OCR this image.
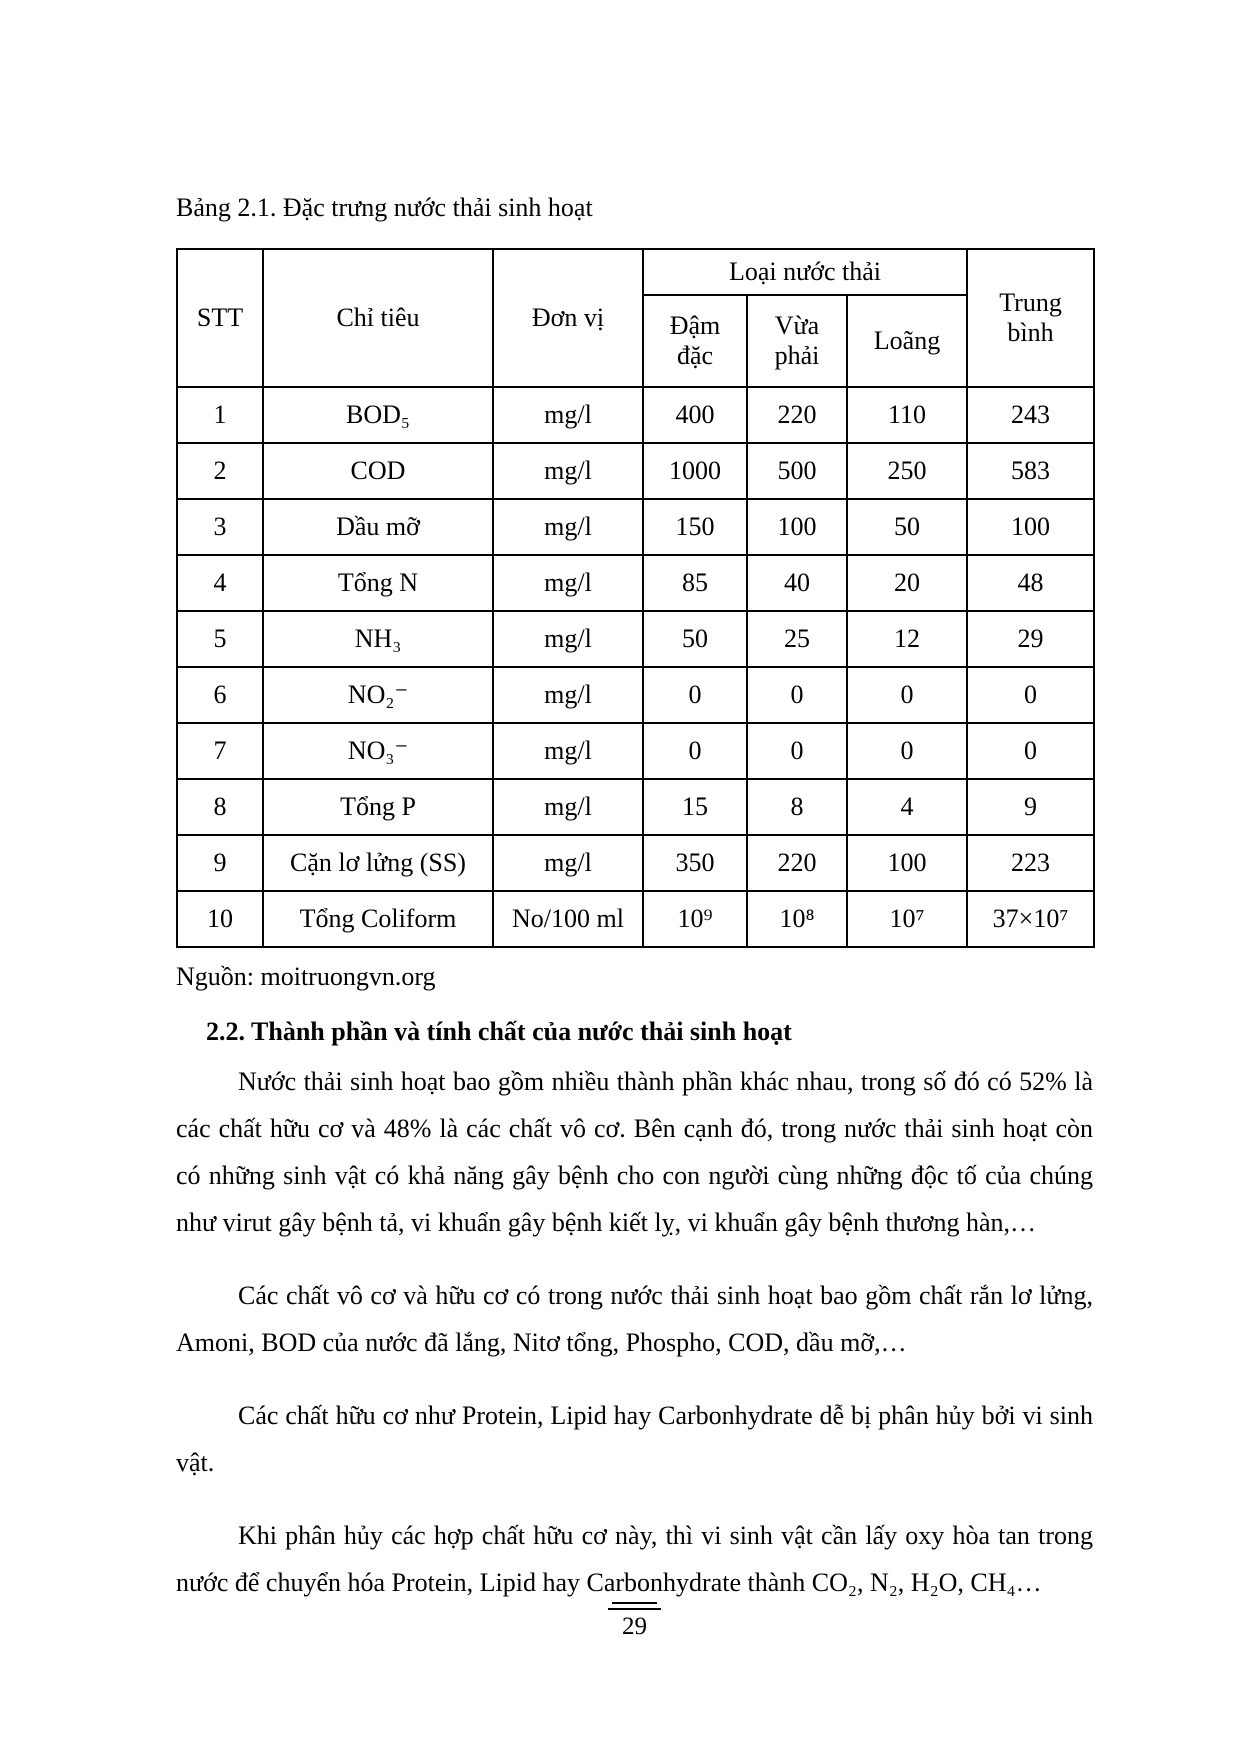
Bảng 2.1. Đặc trưng nước thải sinh hoạt
STT	Chỉ tiêu	Đơn vị	Loại nước thải			Trung bình
			Đậm đặc	Vừa phải	Loãng	
1	BOD₅	mg/l	400	220	110	243
2	COD	mg/l	1000	500	250	583
3	Dầu mỡ	mg/l	150	100	50	100
4	Tổng N	mg/l	85	40	20	48
5	NH₃	mg/l	50	25	12	29
6	NO₂⁻	mg/l	0	0	0	0
7	NO₃⁻	mg/l	0	0	0	0
8	Tổng P	mg/l	15	8	4	9
9	Cặn lơ lửng (SS)	mg/l	350	220	100	223
10	Tổng Coliform	No/100 ml	10⁹	10⁸	10⁷	37×10⁷
Nguồn: moitruongvn.org
2.2. Thành phần và tính chất của nước thải sinh hoạt

Nước thải sinh hoạt bao gồm nhiều thành phần khác nhau, trong số đó có 52% là các chất hữu cơ và 48% là các chất vô cơ. Bên cạnh đó, trong nước thải sinh hoạt còn có những sinh vật có khả năng gây bệnh cho con người cùng những độc tố của chúng như virut gây bệnh tả, vi khuẩn gây bệnh kiết lỵ, vi khuẩn gây bệnh thương hàn,…

Các chất vô cơ và hữu cơ có trong nước thải sinh hoạt bao gồm chất rắn lơ lửng, Amoni, BOD của nước đã lắng, Nitơ tổng, Phospho, COD, dầu mỡ,…

Các chất hữu cơ như Protein, Lipid hay Carbonhydrate dễ bị phân hủy bởi vi sinh vật.

Khi phân hủy các hợp chất hữu cơ này, thì vi sinh vật cần lấy oxy hòa tan trong nước để chuyển hóa Protein, Lipid hay Carbonhydrate thành CO₂, N₂, H₂O, CH₄…

29
